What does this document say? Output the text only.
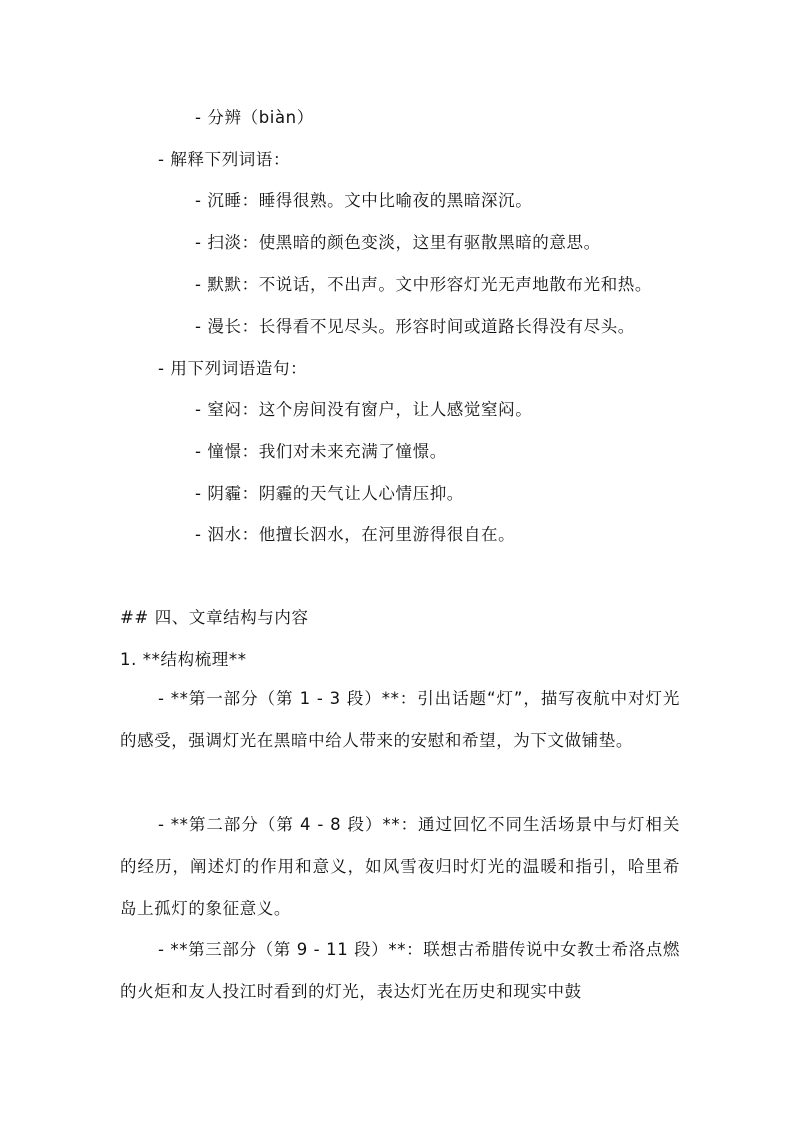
- 分辨（biàn）
- 解释下列词语：
- 沉睡：睡得很熟。文中比喻夜的黑暗深沉。
- 扫淡：使黑暗的颜色变淡，这里有驱散黑暗的意思。
- 默默：不说话，不出声。文中形容灯光无声地散布光和热。
- 漫长：长得看不见尽头。形容时间或道路长得没有尽头。
- 用下列词语造句：
- 窒闷：这个房间没有窗户，让人感觉窒闷。
- 憧憬：我们对未来充满了憧憬。
- 阴霾：阴霾的天气让人心情压抑。
- 泅水：他擅长泅水，在河里游得很自在。
## 四、文章结构与内容
1. **结构梳理**
- **第一部分（第 1 - 3 段）**：引出话题“灯”，描写夜航中对灯光的感受，强调灯光在黑暗中给人带来的安慰和希望，为下文做铺垫。
- **第二部分（第 4 - 8 段）**：通过回忆不同生活场景中与灯相关的经历，阐述灯的作用和意义，如风雪夜归时灯光的温暖和指引，哈里希岛上孤灯的象征意义。
- **第三部分（第 9 - 11 段）**：联想古希腊传说中女教士希洛点燃的火炬和友人投江时看到的灯光，表达灯光在历史和现实中鼓
